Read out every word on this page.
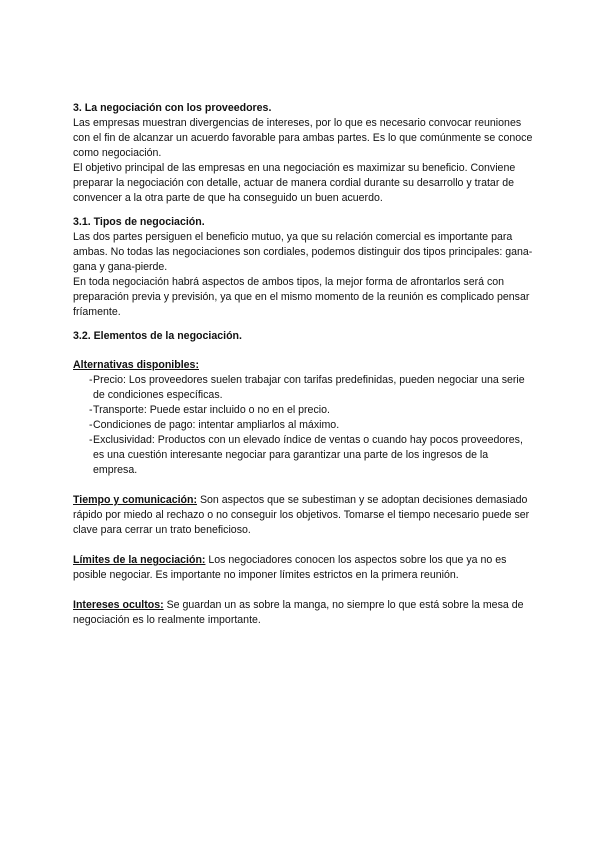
3. La negociación con los proveedores.

Las empresas muestran divergencias de intereses, por lo que es necesario convocar reuniones con el fin de alcanzar un acuerdo favorable para ambas partes. Es lo que comúnmente se conoce como negociación.

El objetivo principal de las empresas en una negociación es maximizar su beneficio. Conviene preparar la negociación con detalle, actuar de manera cordial durante su desarrollo y tratar de convencer a la otra parte de que ha conseguido un buen acuerdo.

3.1. Tipos de negociación.

Las dos partes persiguen el beneficio mutuo, ya que su relación comercial es importante para ambas. No todas las negociaciones son cordiales, podemos distinguir dos tipos principales: gana-gana y gana-pierde.

En toda negociación habrá aspectos de ambos tipos, la mejor forma de afrontarlos será con preparación previa y previsión, ya que en el mismo momento de la reunión es complicado pensar fríamente.

3.2. Elementos de la negociación.

Alternativas disponibles:

- Precio: Los proveedores suelen trabajar con tarifas predefinidas, pueden negociar una serie de condiciones específicas.
- Transporte: Puede estar incluido o no en el precio.
- Condiciones de pago: intentar ampliarlos al máximo.
- Exclusividad: Productos con un elevado índice de ventas o cuando hay pocos proveedores, es una cuestión interesante negociar para garantizar una parte de los ingresos de la empresa.

Tiempo y comunicación: Son aspectos que se subestiman y se adoptan decisiones demasiado rápido por miedo al rechazo o no conseguir los objetivos. Tomarse el tiempo necesario puede ser clave para cerrar un trato beneficioso.

Límites de la negociación: Los negociadores conocen los aspectos sobre los que ya no es posible negociar. Es importante no imponer límites estrictos en la primera reunión.

Intereses ocultos: Se guardan un as sobre la manga, no siempre lo que está sobre la mesa de negociación es lo realmente importante.
